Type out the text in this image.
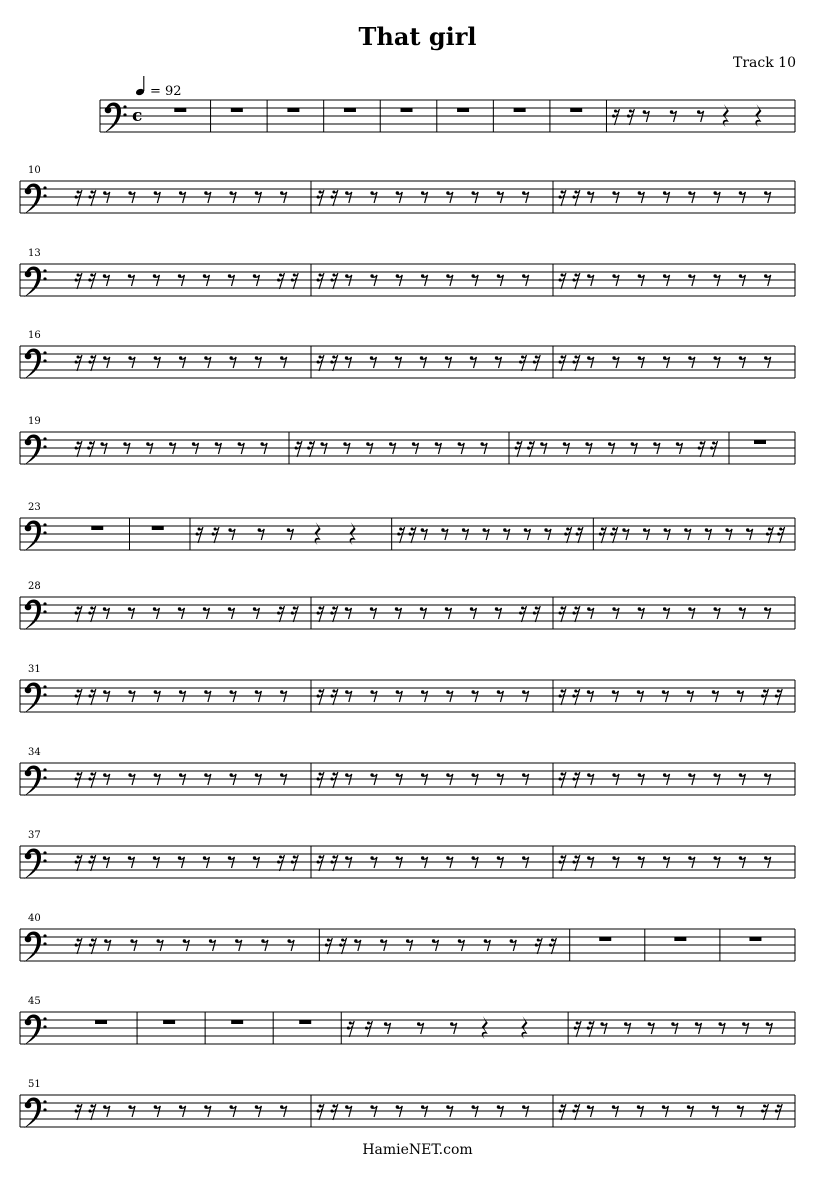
That girl
Track 10
c
10
13
16
19
23
28
31
34
37
40
45
51
= 92
HamieNET.com
